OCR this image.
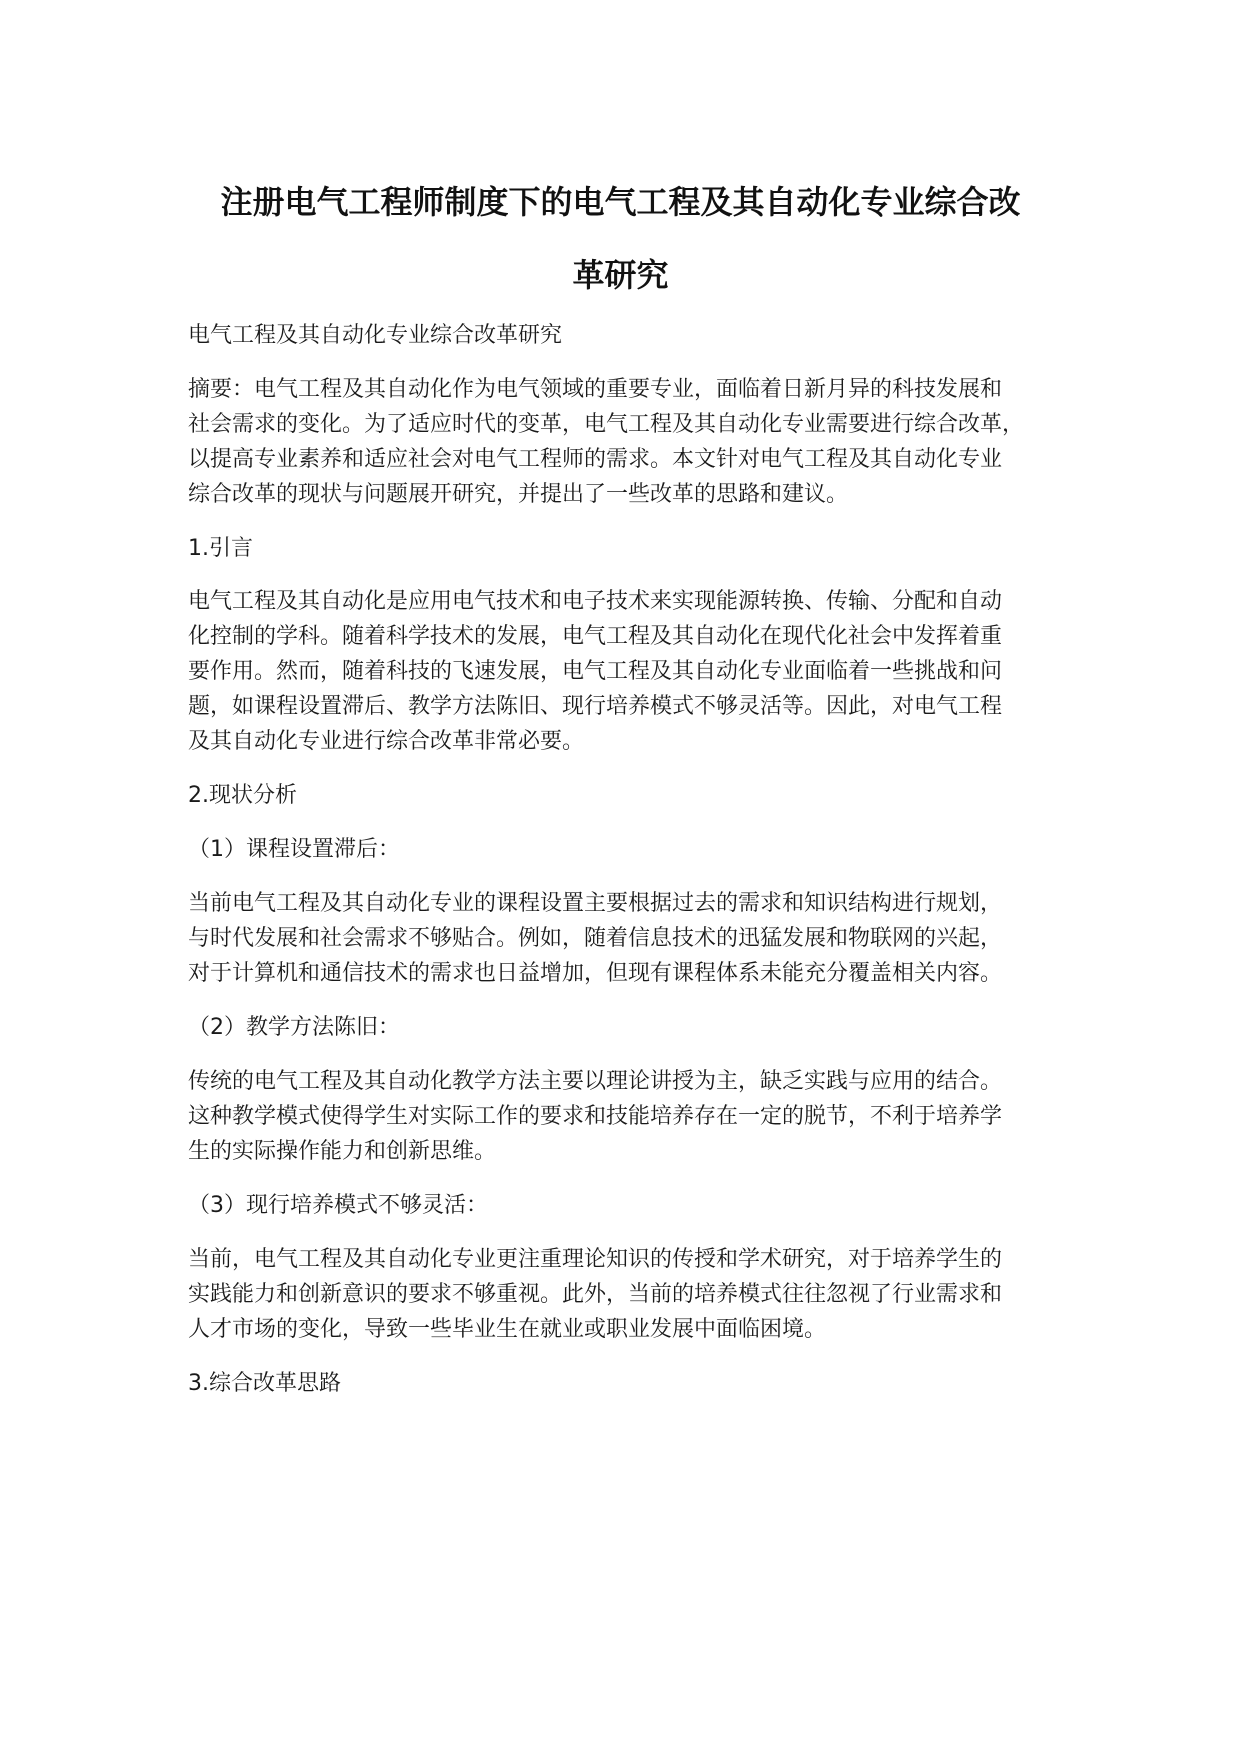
注册电气工程师制度下的电气工程及其自动化专业综合改
革研究
电气工程及其自动化专业综合改革研究
摘要：电气工程及其自动化作为电气领域的重要专业，面临着日新月异的科技发展和
社会需求的变化。为了适应时代的变革，电气工程及其自动化专业需要进行综合改革，
以提高专业素养和适应社会对电气工程师的需求。本文针对电气工程及其自动化专业
综合改革的现状与问题展开研究，并提出了一些改革的思路和建议。
1.引言
电气工程及其自动化是应用电气技术和电子技术来实现能源转换、传输、分配和自动
化控制的学科。随着科学技术的发展，电气工程及其自动化在现代化社会中发挥着重
要作用。然而，随着科技的飞速发展，电气工程及其自动化专业面临着一些挑战和问
题，如课程设置滞后、教学方法陈旧、现行培养模式不够灵活等。因此，对电气工程
及其自动化专业进行综合改革非常必要。
2.现状分析
（1）课程设置滞后：
当前电气工程及其自动化专业的课程设置主要根据过去的需求和知识结构进行规划，
与时代发展和社会需求不够贴合。例如，随着信息技术的迅猛发展和物联网的兴起，
对于计算机和通信技术的需求也日益增加，但现有课程体系未能充分覆盖相关内容。
（2）教学方法陈旧：
传统的电气工程及其自动化教学方法主要以理论讲授为主，缺乏实践与应用的结合。
这种教学模式使得学生对实际工作的要求和技能培养存在一定的脱节，不利于培养学
生的实际操作能力和创新思维。
（3）现行培养模式不够灵活：
当前，电气工程及其自动化专业更注重理论知识的传授和学术研究，对于培养学生的
实践能力和创新意识的要求不够重视。此外，当前的培养模式往往忽视了行业需求和
人才市场的变化，导致一些毕业生在就业或职业发展中面临困境。
3.综合改革思路
